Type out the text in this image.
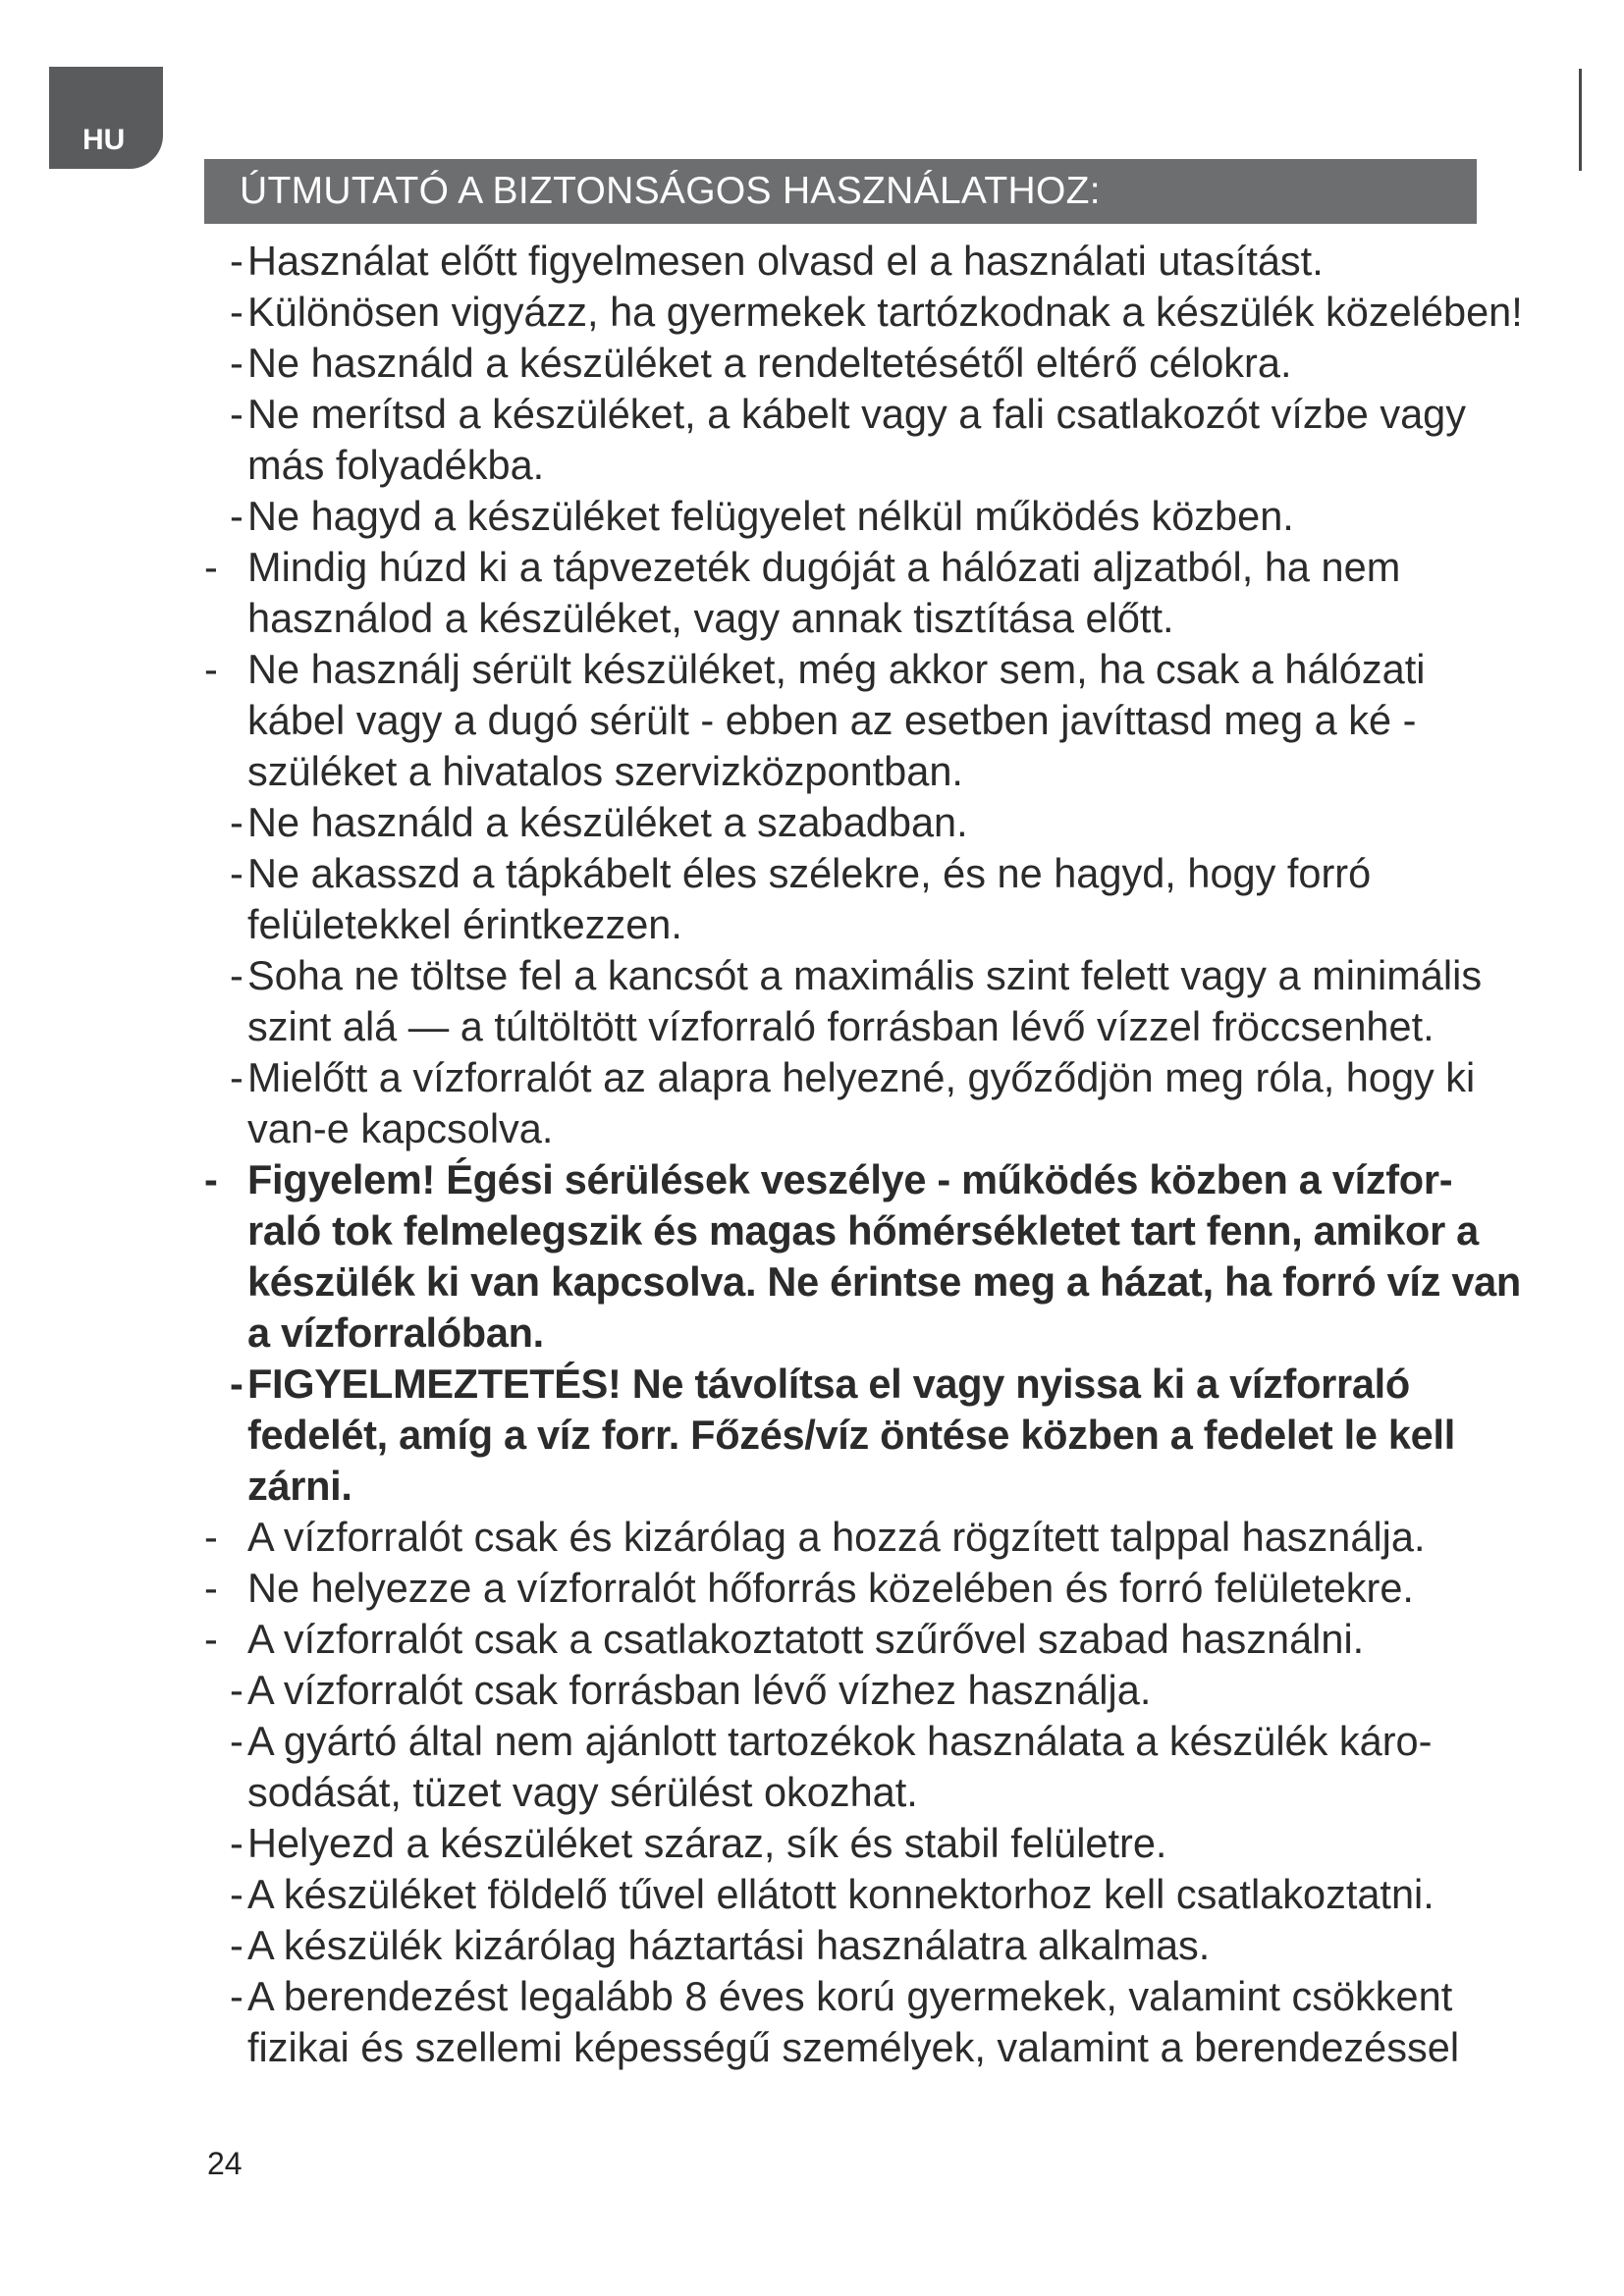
HU
ÚTMUTATÓ A BIZTONSÁGOS HASZNÁLATHOZ:
- Használat előtt figyelmesen olvasd el a használati utasítást.
- Különösen vigyázz, ha gyermekek tartózkodnak a készülék közelében!
- Ne használd a készüléket a rendeltetésétől eltérő célokra.
- Ne merítsd a készüléket, a kábelt vagy a fali csatlakozót vízbe vagy más folyadékba.
- Ne hagyd a készüléket felügyelet nélkül működés közben.
- Mindig húzd ki a tápvezeték dugóját a hálózati aljzatból, ha nem használod a készüléket, vagy annak tisztítása előtt.
- Ne használj sérült készüléket, még akkor sem, ha csak a hálózati kábel vagy a dugó sérült - ebben az esetben javíttasd meg a ké - szüléket a hivatalos szervizközpontban.
- Ne használd a készüléket a szabadban.
- Ne akasszd a tápkábelt éles szélekre, és ne hagyd, hogy forró felületekkel érintkezzen.
- Soha ne töltse fel a kancsót a maximális szint felett vagy a minimális szint alá — a túltöltött vízforraló forrásban lévő vízzel fröccsenhet.
- Mielőtt a vízforralót az alapra helyezné, győződjön meg róla, hogy ki van-e kapcsolva.
- Figyelem! Égési sérülések veszélye - működés közben a vízfor- raló tok felmelegszik és magas hőmérsékletet tart fenn, amikor a készülék ki van kapcsolva. Ne érintse meg a házat, ha forró víz van a vízforralóban.
- FIGYELMEZTETÉS! Ne távolítsa el vagy nyissa ki a vízforraló fedelét, amíg a víz forr. Főzés/víz öntése közben a fedelet le kell zárni.
- A vízforralót csak és kizárólag a hozzá rögzített talppal használja.
- Ne helyezze a vízforralót hőforrás közelében és forró felületekre.
- A vízforralót csak a csatlakoztatott szűrővel szabad használni.
- A vízforralót csak forrásban lévő vízhez használja.
- A gyártó által nem ajánlott tartozékok használata a készülék káro- sodását, tüzet vagy sérülést okozhat.
- Helyezd a készüléket száraz, sík és stabil felületre.
- A készüléket földelő tűvel ellátott konnektorhoz kell csatlakoztatni.
- A készülék kizárólag háztartási használatra alkalmas.
- A berendezést legalább 8 éves korú gyermekek, valamint csökkent fizikai és szellemi képességű személyek, valamint a berendezéssel
24
